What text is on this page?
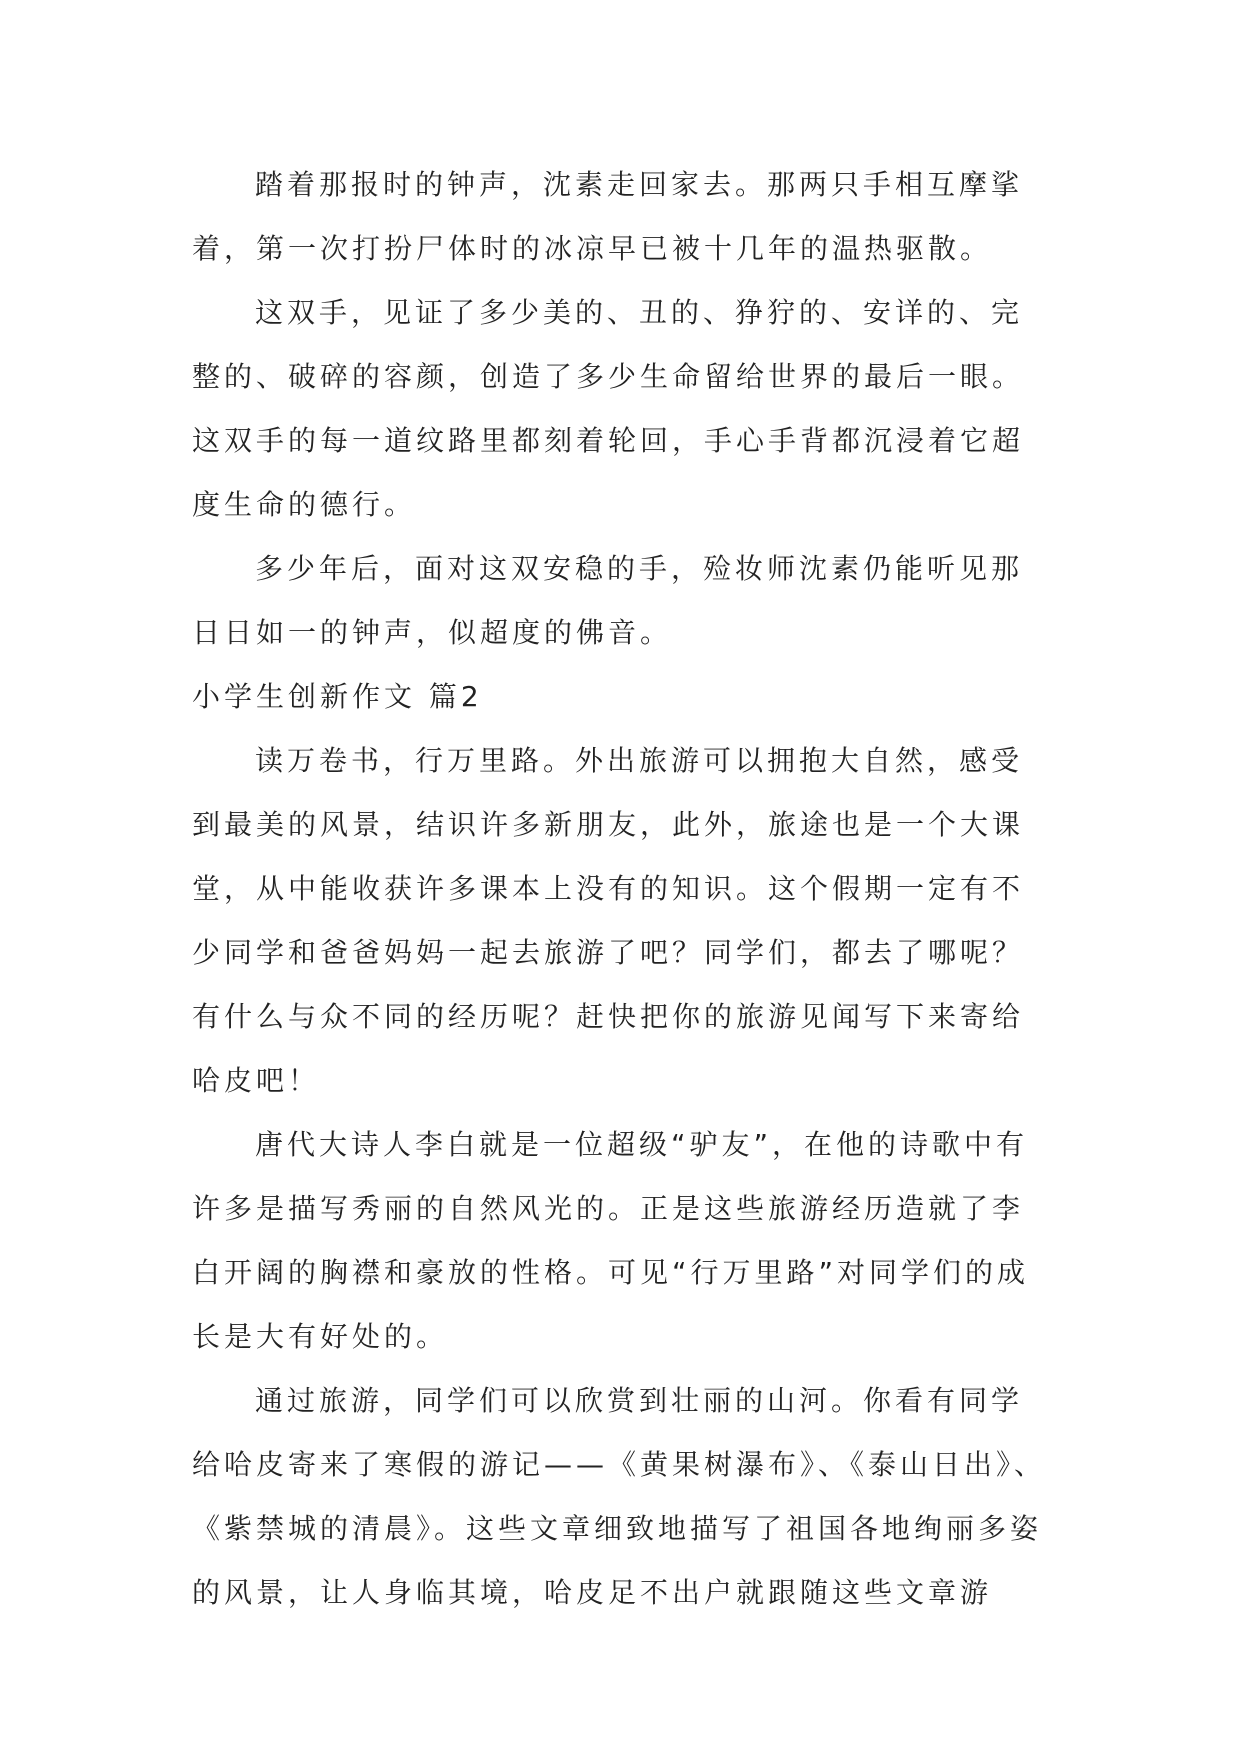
踏着那报时的钟声，沈素走回家去。那两只手相互摩挲着，第一次打扮尸体时的冰凉早已被十几年的温热驱散。

这双手，见证了多少美的、丑的、狰狞的、安详的、完整的、破碎的容颜，创造了多少生命留给世界的最后一眼。这双手的每一道纹路里都刻着轮回，手心手背都沉浸着它超度生命的德行。

多少年后，面对这双安稳的手，殓妆师沈素仍能听见那日日如一的钟声，似超度的佛音。

小学生创新作文 篇2

读万卷书，行万里路。外出旅游可以拥抱大自然，感受到最美的风景，结识许多新朋友，此外，旅途也是一个大课堂，从中能收获许多课本上没有的知识。这个假期一定有不少同学和爸爸妈妈一起去旅游了吧？同学们，都去了哪呢？有什么与众不同的经历呢？赶快把你的旅游见闻写下来寄给哈皮吧！

唐代大诗人李白就是一位超级“驴友”，在他的诗歌中有许多是描写秀丽的自然风光的。正是这些旅游经历造就了李白开阔的胸襟和豪放的性格。可见“行万里路”对同学们的成长是大有好处的。

通过旅游，同学们可以欣赏到壮丽的山河。你看有同学给哈皮寄来了寒假的游记——《黄果树瀑布》、《泰山日出》、《紫禁城的清晨》。这些文章细致地描写了祖国各地绚丽多姿的风景，让人身临其境，哈皮足不出户就跟随这些文章游
